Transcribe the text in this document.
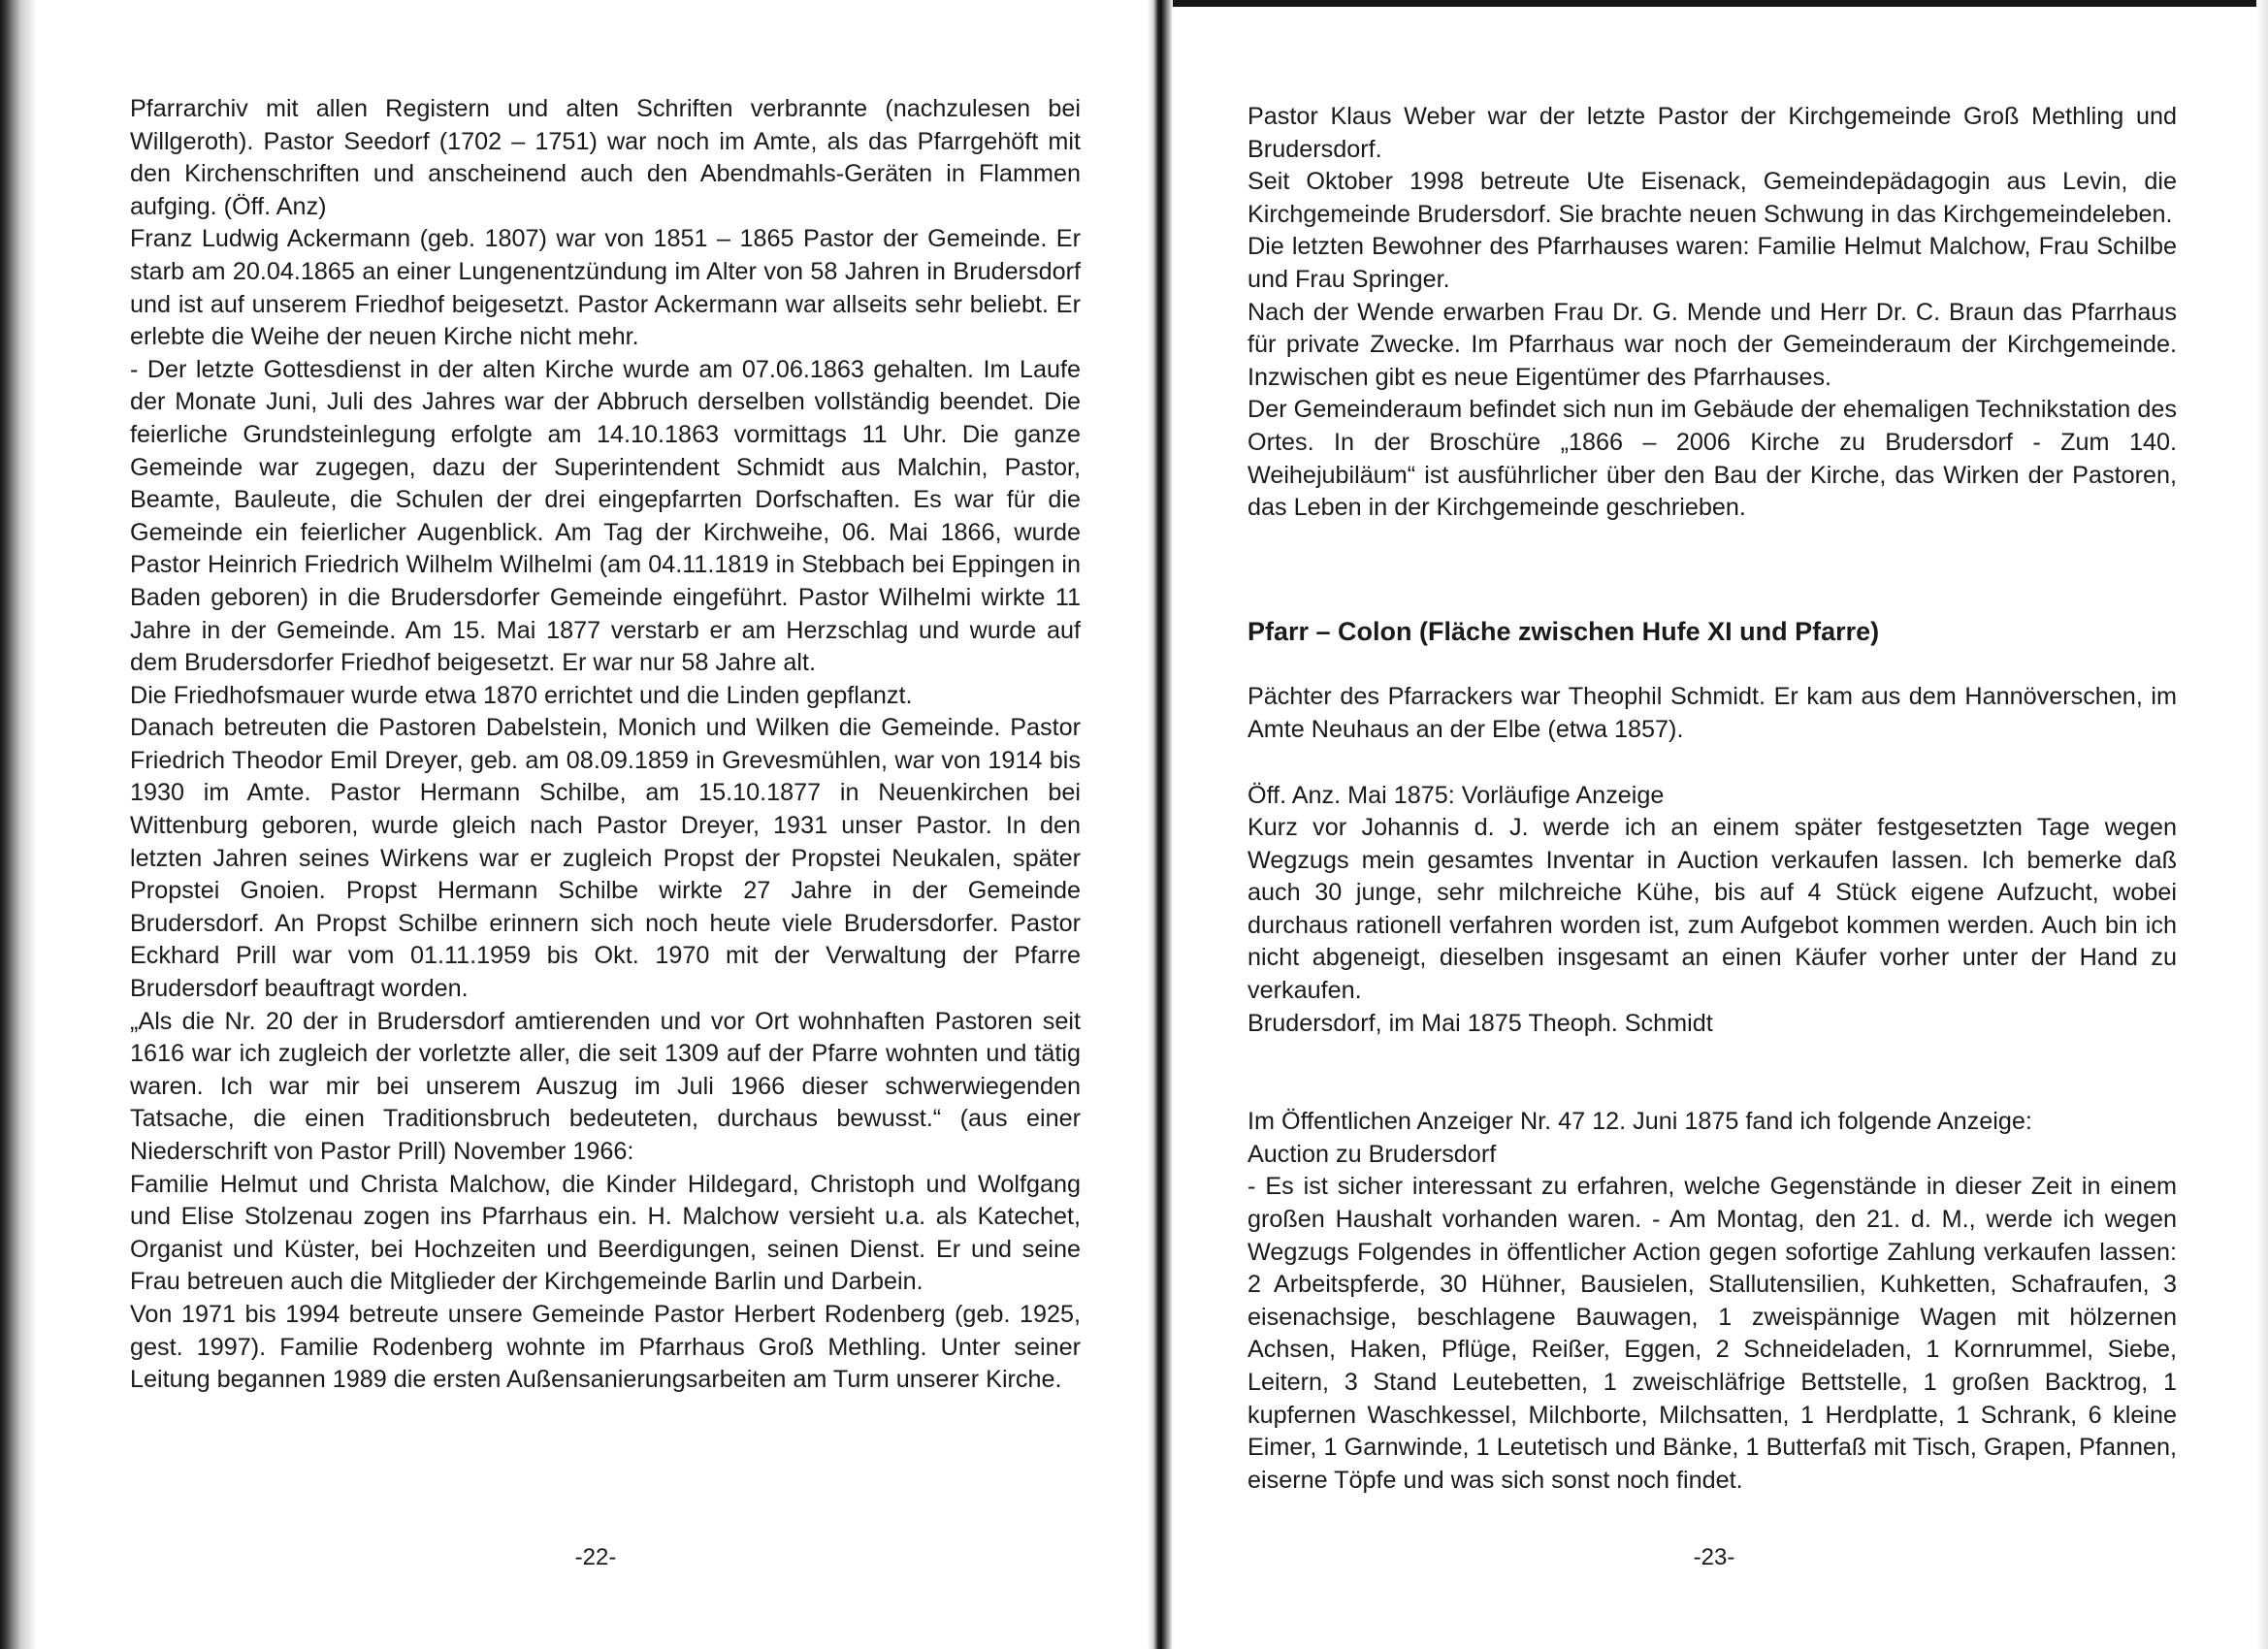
Pfarrarchiv mit allen Registern und alten Schriften verbrannte (nachzulesen bei Willgeroth). Pastor Seedorf (1702 – 1751) war noch im Amte, als das Pfarrgehöft mit den Kirchenschriften und anscheinend auch den Abendmahls-Geräten in Flammen aufging. (Öff. Anz)

Franz Ludwig Ackermann (geb. 1807) war von 1851 – 1865 Pastor der Gemeinde. Er starb am 20.04.1865 an einer Lungenentzündung im Alter von 58 Jahren in Brudersdorf und ist auf unserem Friedhof beigesetzt. Pastor Ackermann war allseits sehr beliebt. Er erlebte die Weihe der neuen Kirche nicht mehr.

- Der letzte Gottesdienst in der alten Kirche wurde am 07.06.1863 gehalten. Im Laufe der Monate Juni, Juli des Jahres war der Abbruch derselben vollständig beendet. Die feierliche Grundsteinlegung erfolgte am 14.10.1863 vormittags 11 Uhr. Die ganze Gemeinde war zugegen, dazu der Superintendent Schmidt aus Malchin, Pastor, Beamte, Bauleute, die Schulen der drei eingepfarrten Dorfschaften. Es war für die Gemeinde ein feierlicher Augenblick. Am Tag der Kirchweihe, 06. Mai 1866, wurde Pastor Heinrich Friedrich Wilhelm Wilhelmi (am 04.11.1819 in Stebbach bei Eppingen in Baden geboren) in die Brudersdorfer Gemeinde eingeführt. Pastor Wilhelmi wirkte 11 Jahre in der Gemeinde. Am 15. Mai 1877 verstarb er am Herzschlag und wurde auf dem Brudersdorfer Friedhof beigesetzt. Er war nur 58 Jahre alt.

Die Friedhofsmauer wurde etwa 1870 errichtet und die Linden gepflanzt.

Danach betreuten die Pastoren Dabelstein, Monich und Wilken die Gemeinde. Pastor Friedrich Theodor Emil Dreyer, geb. am 08.09.1859 in Grevesmühlen, war von 1914 bis 1930 im Amte. Pastor Hermann Schilbe, am 15.10.1877 in Neuenkirchen bei Wittenburg geboren, wurde gleich nach Pastor Dreyer, 1931 unser Pastor. In den letzten Jahren seines Wirkens war er zugleich Propst der Propstei Neukalen, später Propstei Gnoien. Propst Hermann Schilbe wirkte 27 Jahre in der Gemeinde Brudersdorf. An Propst Schilbe erinnern sich noch heute viele Brudersdorfer. Pastor Eckhard Prill war vom 01.11.1959 bis Okt. 1970 mit der Verwaltung der Pfarre Brudersdorf beauftragt worden.

„Als die Nr. 20 der in Brudersdorf amtierenden und vor Ort wohnhaften Pastoren seit 1616 war ich zugleich der vorletzte aller, die seit 1309 auf der Pfarre wohnten und tätig waren. Ich war mir bei unserem Auszug im Juli 1966 dieser schwerwiegenden Tatsache, die einen Traditionsbruch bedeuteten, durchaus bewusst.“ (aus einer Niederschrift von Pastor Prill) November 1966:

Familie Helmut und Christa Malchow, die Kinder Hildegard, Christoph und Wolfgang und Elise Stolzenau zogen ins Pfarrhaus ein. H. Malchow versieht u.a. als Katechet, Organist und Küster, bei Hochzeiten und Beerdigungen, seinen Dienst. Er und seine Frau betreuen auch die Mitglieder der Kirchgemeinde Barlin und Darbein.

Von 1971 bis 1994 betreute unsere Gemeinde Pastor Herbert Rodenberg (geb. 1925, gest. 1997). Familie Rodenberg wohnte im Pfarrhaus Groß Methling. Unter seiner Leitung begannen 1989 die ersten Außensanierungsarbeiten am Turm unserer Kirche.

-22-

Pastor Klaus Weber war der letzte Pastor der Kirchgemeinde Groß Methling und Brudersdorf.

Seit Oktober 1998 betreute Ute Eisenack, Gemeindepädagogin aus Levin, die Kirchgemeinde Brudersdorf. Sie brachte neuen Schwung in das Kirchgemeindeleben.

Die letzten Bewohner des Pfarrhauses waren: Familie Helmut Malchow, Frau Schilbe und Frau Springer.

Nach der Wende erwarben Frau Dr. G. Mende und Herr Dr. C. Braun das Pfarrhaus für private Zwecke. Im Pfarrhaus war noch der Gemeinderaum der Kirchgemeinde. Inzwischen gibt es neue Eigentümer des Pfarrhauses.

Der Gemeinderaum befindet sich nun im Gebäude der ehemaligen Technikstation des Ortes. In der Broschüre „1866 – 2006 Kirche zu Brudersdorf - Zum 140. Weihejubiläum“ ist ausführlicher über den Bau der Kirche, das Wirken der Pastoren, das Leben in der Kirchgemeinde geschrieben.

Pfarr – Colon (Fläche zwischen Hufe XI und Pfarre)

Pächter des Pfarrackers war Theophil Schmidt. Er kam aus dem Hannöverschen, im Amte Neuhaus an der Elbe (etwa 1857).

Öff. Anz. Mai 1875: Vorläufige Anzeige

Kurz vor Johannis d. J. werde ich an einem später festgesetzten Tage wegen Wegzugs mein gesamtes Inventar in Auction verkaufen lassen. Ich bemerke daß auch 30 junge, sehr milchreiche Kühe, bis auf 4 Stück eigene Aufzucht, wobei durchaus rationell verfahren worden ist, zum Aufgebot kommen werden. Auch bin ich nicht abgeneigt, dieselben insgesamt an einen Käufer vorher unter der Hand zu verkaufen.

Brudersdorf, im Mai 1875 Theoph. Schmidt

Im Öffentlichen Anzeiger Nr. 47 12. Juni 1875 fand ich folgende Anzeige:

Auction zu Brudersdorf

- Es ist sicher interessant zu erfahren, welche Gegenstände in dieser Zeit in einem großen Haushalt vorhanden waren. - Am Montag, den 21. d. M., werde ich wegen Wegzugs Folgendes in öffentlicher Action gegen sofortige Zahlung verkaufen lassen: 2 Arbeitspferde, 30 Hühner, Bausielen, Stallutensilien, Kuhketten, Schafraufen, 3 eisenachsige, beschlagene Bauwagen, 1 zweispännige Wagen mit hölzernen Achsen, Haken, Pflüge, Reißer, Eggen, 2 Schneideladen, 1 Kornrummel, Siebe, Leitern, 3 Stand Leutebetten, 1 zweischläfrige Bettstelle, 1 großen Backtrog, 1 kupfernen Waschkessel, Milchborte, Milchsatten, 1 Herdplatte, 1 Schrank, 6 kleine Eimer, 1 Garnwinde, 1 Leutetisch und Bänke, 1 Butterfaß mit Tisch, Grapen, Pfannen, eiserne Töpfe und was sich sonst noch findet.

-23-
